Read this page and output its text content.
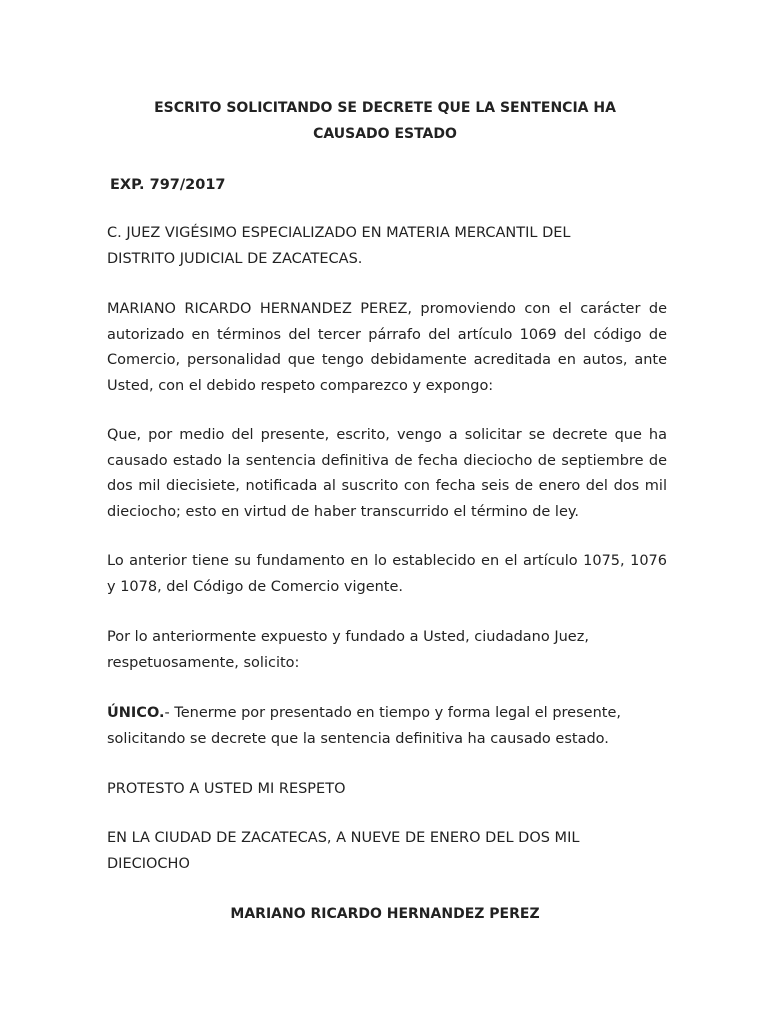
ESCRITO SOLICITANDO SE DECRETE QUE LA SENTENCIA HA
CAUSADO ESTADO
EXP. 797/2017
C. JUEZ VIGÉSIMO ESPECIALIZADO EN MATERIA MERCANTIL DEL
DISTRITO JUDICIAL DE ZACATECAS.
MARIANO RICARDO HERNANDEZ PEREZ, promoviendo con el carácter de
autorizado en términos del tercer párrafo del artículo 1069 del código de
Comercio, personalidad que tengo debidamente acreditada en autos, ante
Usted, con el debido respeto comparezco y expongo:
Que, por medio del presente, escrito, vengo a solicitar se decrete que ha
causado estado la sentencia definitiva de fecha dieciocho de septiembre de
dos mil diecisiete, notificada al suscrito con fecha seis de enero del dos mil
dieciocho; esto en virtud de haber transcurrido el término de ley.
Lo anterior tiene su fundamento en lo establecido en el artículo 1075, 1076
y 1078, del Código de Comercio vigente.
Por lo anteriormente expuesto y fundado a Usted, ciudadano Juez,
respetuosamente, solicito:
ÚNICO.- Tenerme por presentado en tiempo y forma legal el presente,
solicitando se decrete que la sentencia definitiva ha causado estado.
PROTESTO A USTED MI RESPETO
EN LA CIUDAD DE ZACATECAS, A NUEVE DE ENERO DEL DOS MIL
DIECIOCHO
MARIANO RICARDO HERNANDEZ PEREZ
